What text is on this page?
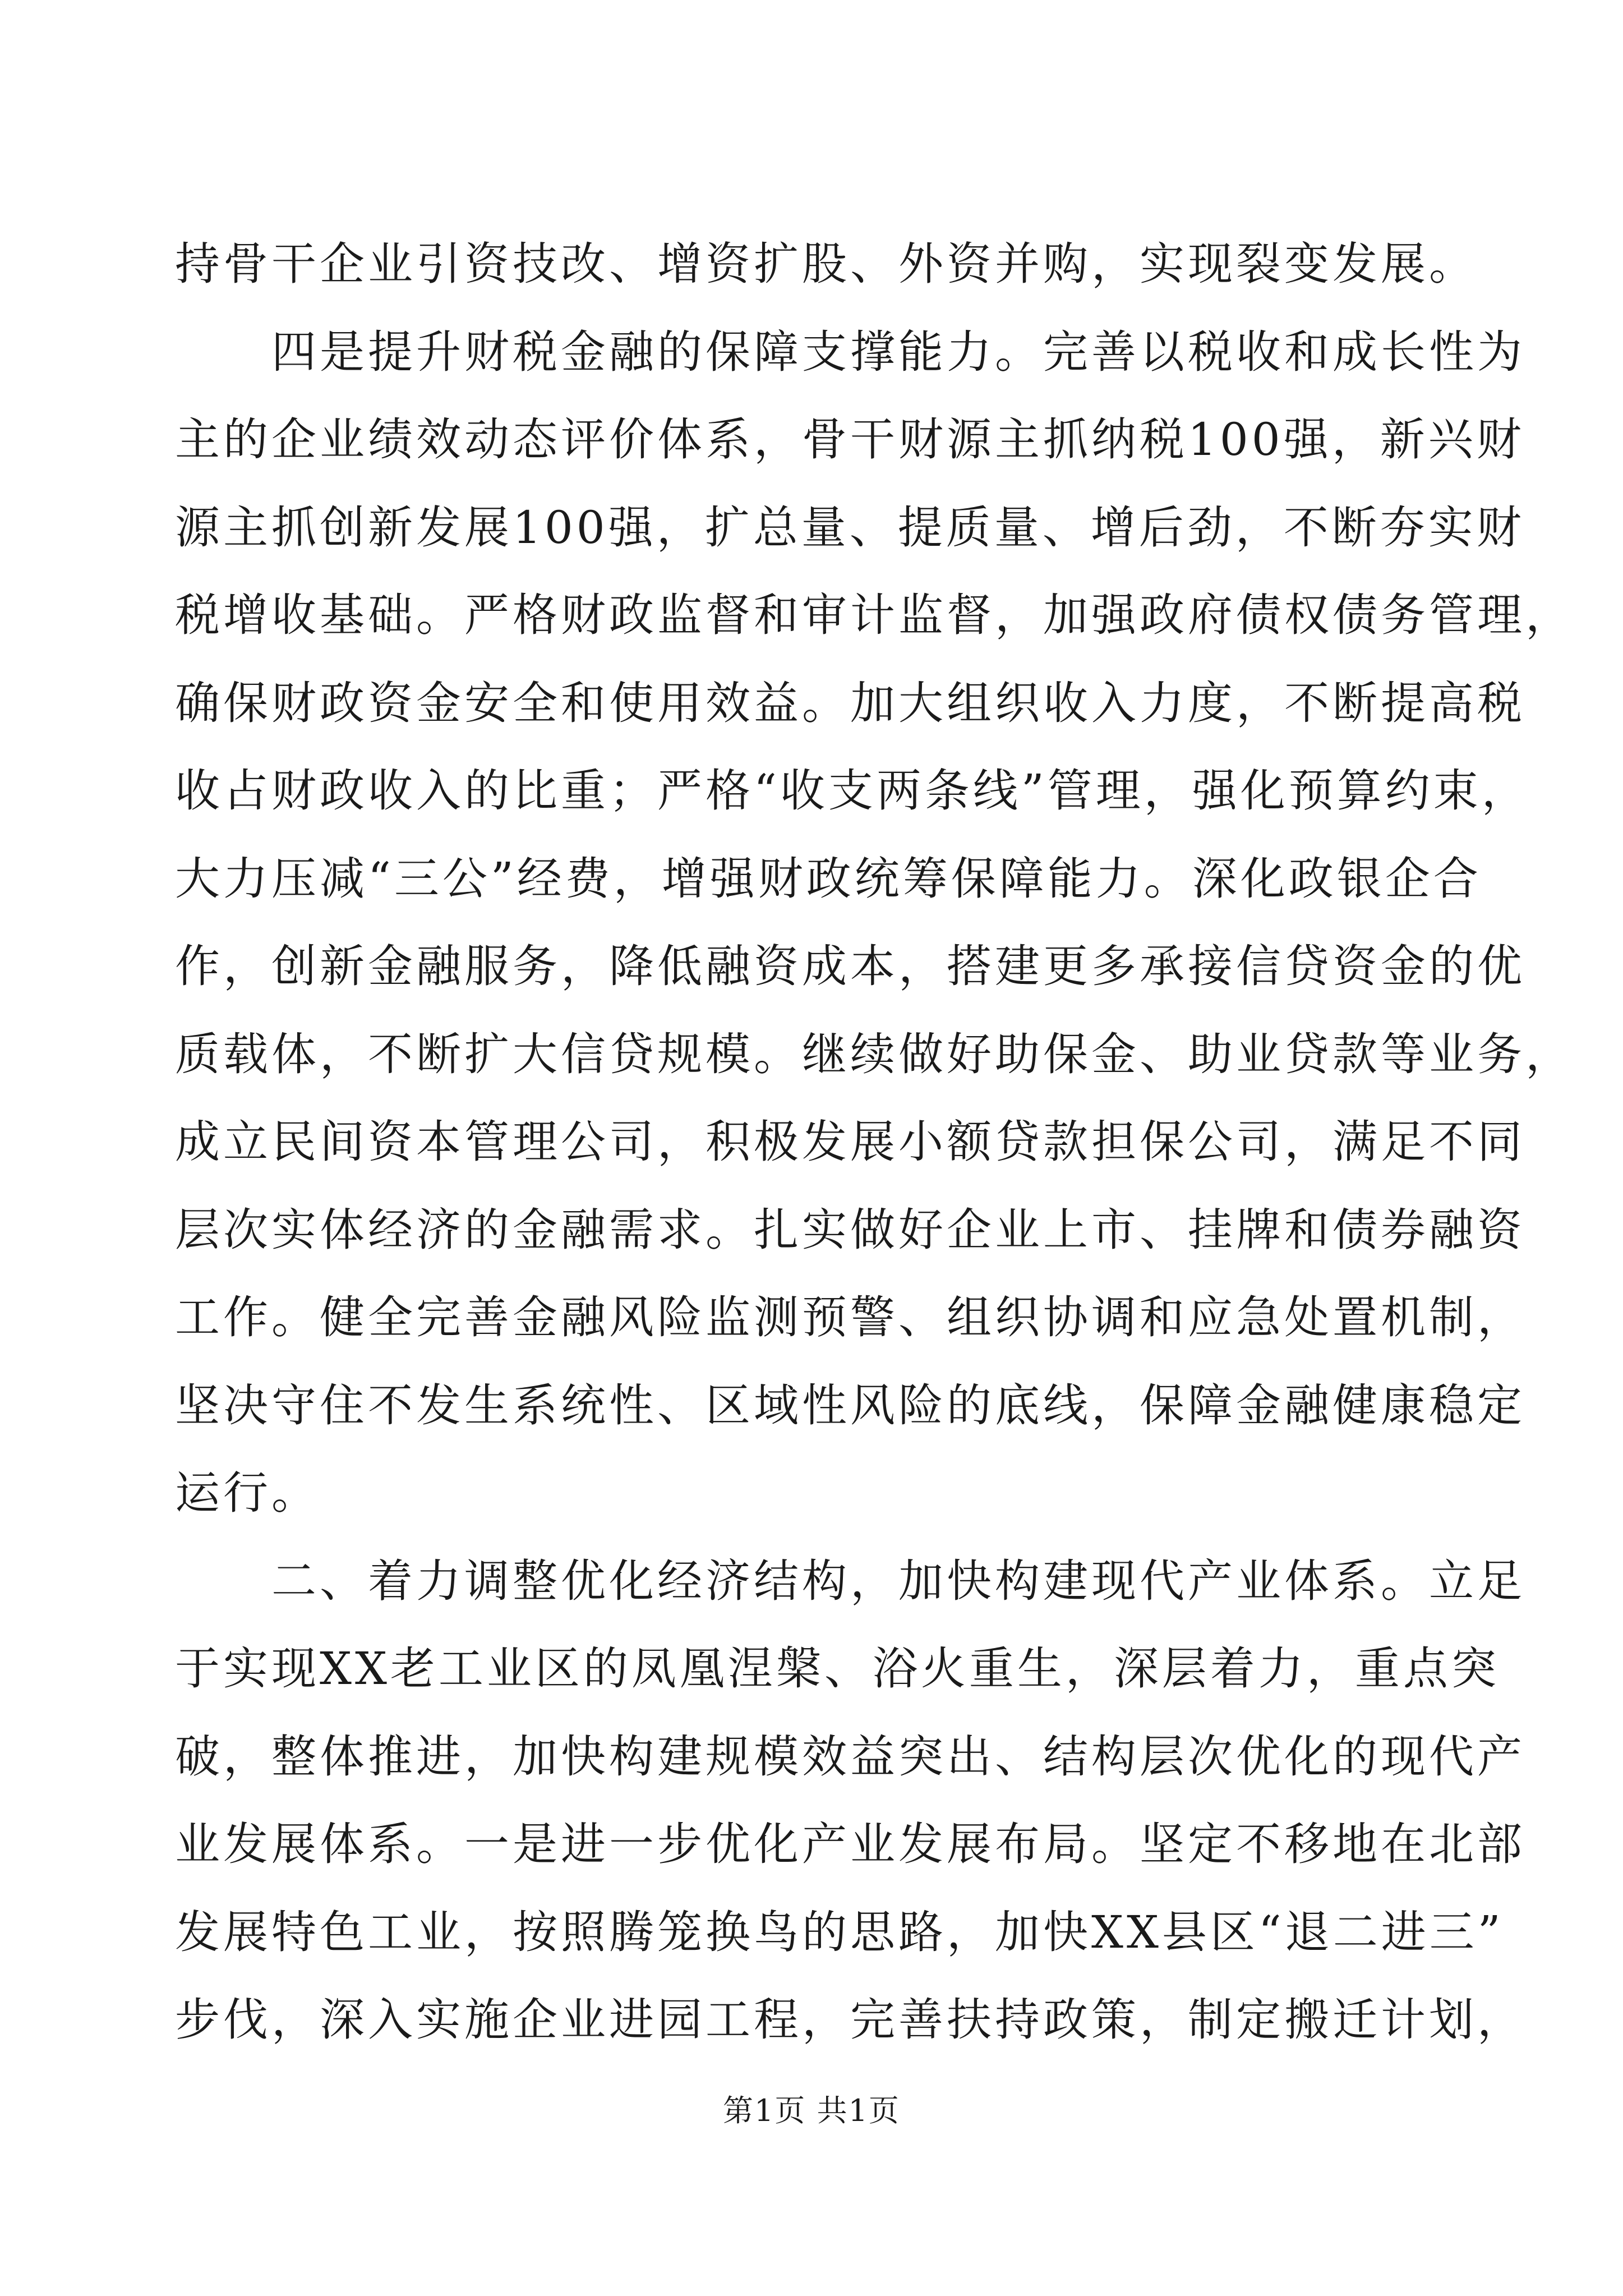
持骨干企业引资技改、增资扩股、外资并购，实现裂变发展。
四是提升财税金融的保障支撑能力。完善以税收和成长性为
主的企业绩效动态评价体系，骨干财源主抓纳税100强，新兴财
源主抓创新发展100强，扩总量、提质量、增后劲，不断夯实财
税增收基础。严格财政监督和审计监督，加强政府债权债务管理，
确保财政资金安全和使用效益。加大组织收入力度，不断提高税
收占财政收入的比重；严格“收支两条线”管理，强化预算约束，
大力压减“三公”经费，增强财政统筹保障能力。深化政银企合
作，创新金融服务，降低融资成本，搭建更多承接信贷资金的优
质载体，不断扩大信贷规模。继续做好助保金、助业贷款等业务，
成立民间资本管理公司，积极发展小额贷款担保公司，满足不同
层次实体经济的金融需求。扎实做好企业上市、挂牌和债券融资
工作。健全完善金融风险监测预警、组织协调和应急处置机制，
坚决守住不发生系统性、区域性风险的底线，保障金融健康稳定
运行。
二、着力调整优化经济结构，加快构建现代产业体系。立足
于实现XX老工业区的凤凰涅槃、浴火重生，深层着力，重点突
破，整体推进，加快构建规模效益突出、结构层次优化的现代产
业发展体系。一是进一步优化产业发展布局。坚定不移地在北部
发展特色工业，按照腾笼换鸟的思路，加快XX县区“退二进三”
步伐，深入实施企业进园工程，完善扶持政策，制定搬迁计划，
第1页 共1页
